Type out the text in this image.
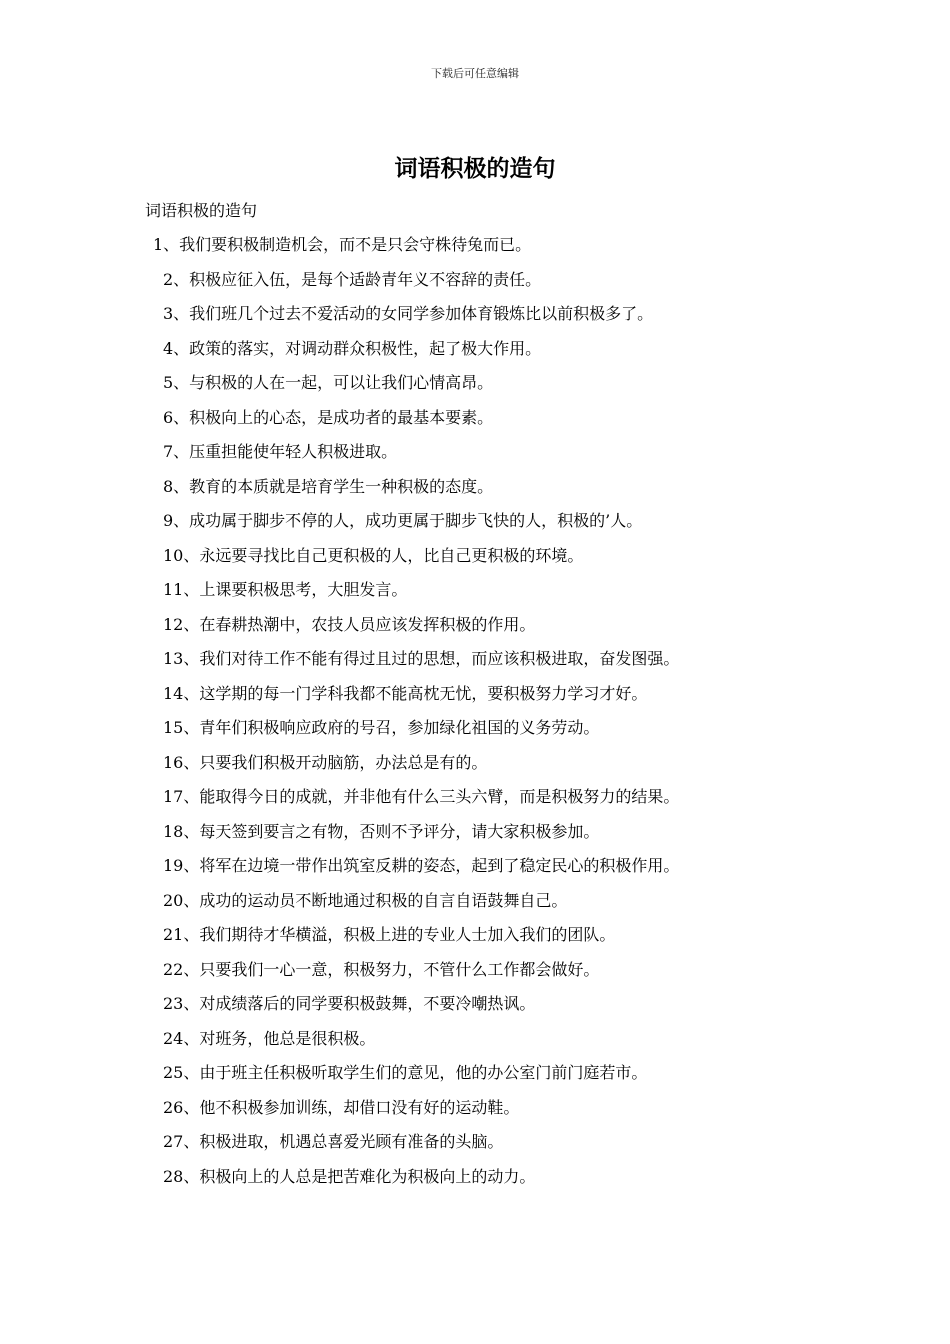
下载后可任意编辑
词语积极的造句
词语积极的造句
1、我们要积极制造机会，而不是只会守株待兔而已。
2、积极应征入伍，是每个适龄青年义不容辞的责任。
3、我们班几个过去不爱活动的女同学参加体育锻炼比以前积极多了。
4、政策的落实，对调动群众积极性，起了极大作用。
5、与积极的人在一起，可以让我们心情高昂。
6、积极向上的心态，是成功者的最基本要素。
7、压重担能使年轻人积极进取。
8、教育的本质就是培育学生一种积极的态度。
9、成功属于脚步不停的人，成功更属于脚步飞快的人，积极的’人。
10、永远要寻找比自己更积极的人，比自己更积极的环境。
11、上课要积极思考，大胆发言。
12、在春耕热潮中，农技人员应该发挥积极的作用。
13、我们对待工作不能有得过且过的思想，而应该积极进取，奋发图强。
14、这学期的每一门学科我都不能高枕无忧，要积极努力学习才好。
15、青年们积极响应政府的号召，参加绿化祖国的义务劳动。
16、只要我们积极开动脑筋，办法总是有的。
17、能取得今日的成就，并非他有什么三头六臂，而是积极努力的结果。
18、每天签到要言之有物，否则不予评分，请大家积极参加。
19、将军在边境一带作出筑室反耕的姿态，起到了稳定民心的积极作用。
20、成功的运动员不断地通过积极的自言自语鼓舞自己。
21、我们期待才华横溢，积极上进的专业人士加入我们的团队。
22、只要我们一心一意，积极努力，不管什么工作都会做好。
23、对成绩落后的同学要积极鼓舞，不要冷嘲热讽。
24、对班务，他总是很积极。
25、由于班主任积极听取学生们的意见，他的办公室门前门庭若市。
26、他不积极参加训练，却借口没有好的运动鞋。
27、积极进取，机遇总喜爱光顾有准备的头脑。
28、积极向上的人总是把苦难化为积极向上的动力。
